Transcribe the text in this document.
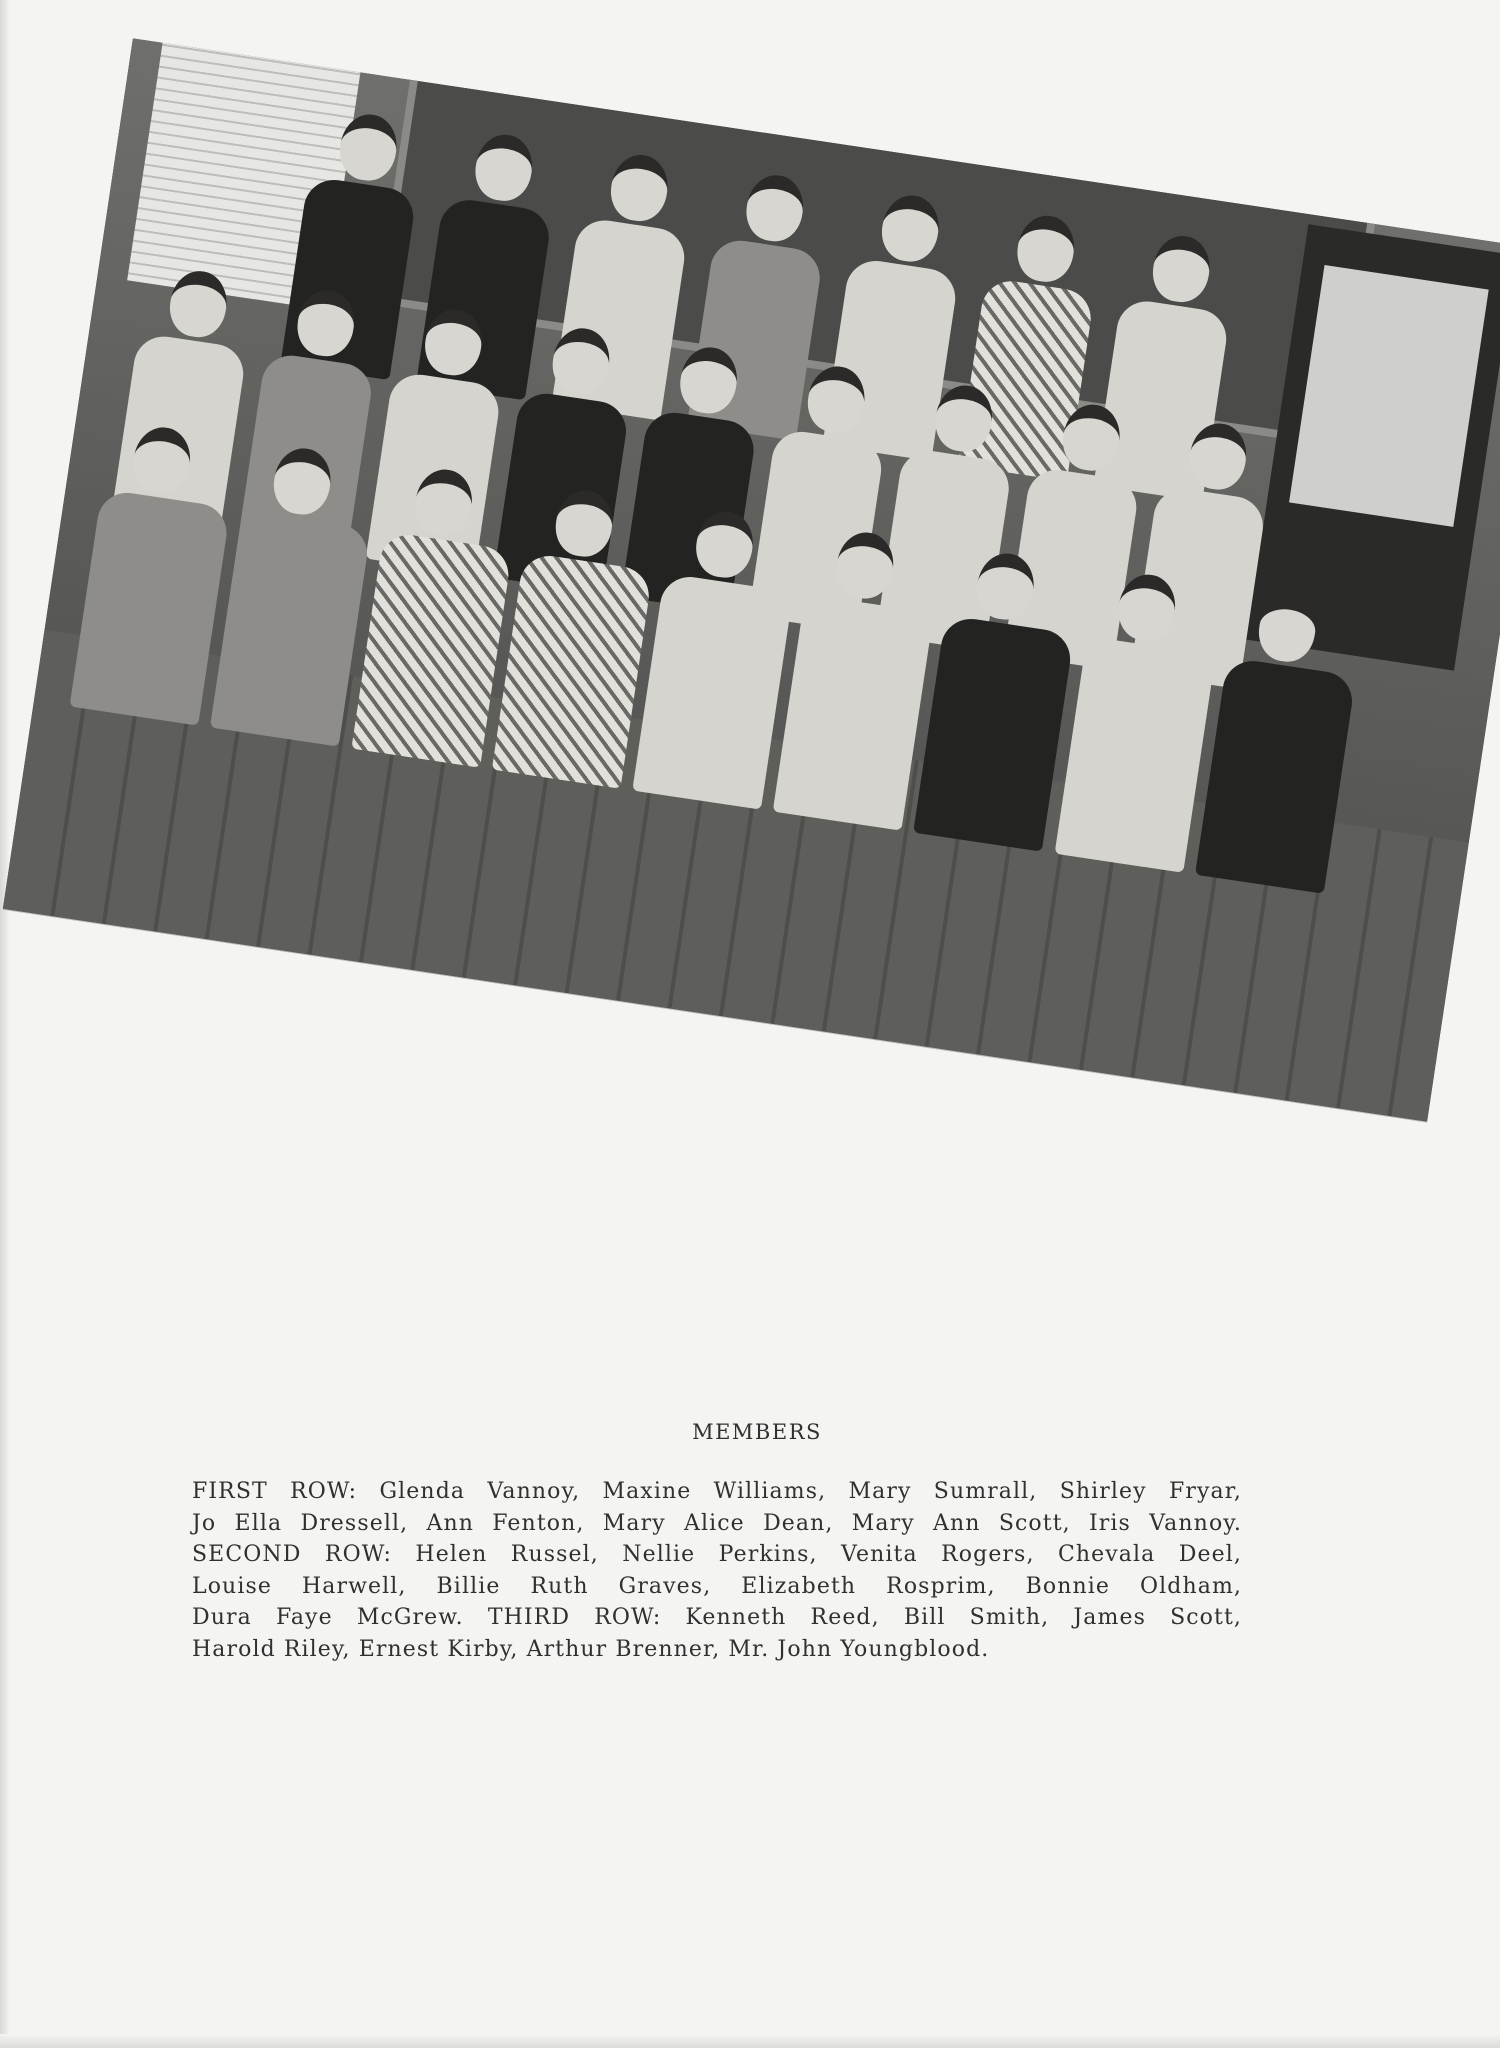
MEMBERS
FIRST ROW: Glenda Vannoy, Maxine Williams, Mary Sumrall, Shirley Fryar,
Jo Ella Dressell, Ann Fenton, Mary Alice Dean, Mary Ann Scott, Iris Vannoy.
SECOND ROW: Helen Russel, Nellie Perkins, Venita Rogers, Chevala Deel,
Louise Harwell, Billie Ruth Graves, Elizabeth Rosprim, Bonnie Oldham,
Dura Faye McGrew. THIRD ROW: Kenneth Reed, Bill Smith, James Scott,
Harold Riley, Ernest Kirby, Arthur Brenner, Mr. John Youngblood.
